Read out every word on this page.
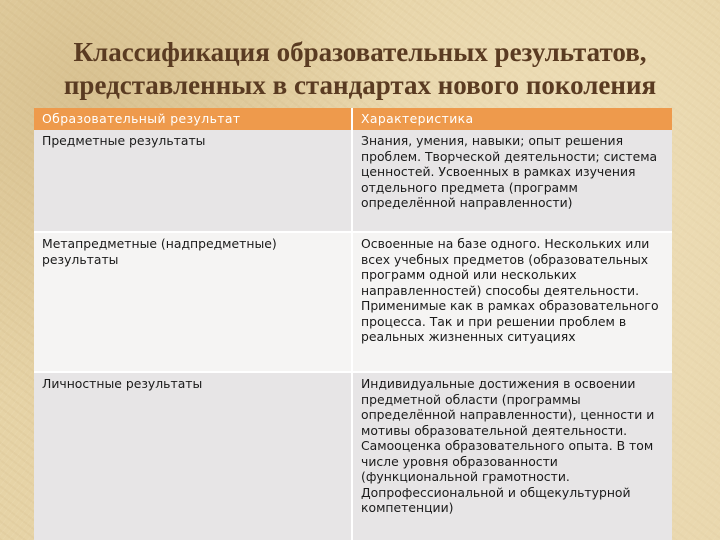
Классификация образовательных результатов,
представленных в стандартах нового поколения
Образовательный результат	Характеристика

Предметные результаты	Знания, умения, навыки; опыт решения проблем. Творческой деятельности; система ценностей. Усвоенных в рамках изучения отдельного предмета (программ определённой направленности)

Метапредметные (надпредметные) результаты	Освоенные на базе одного. Нескольких или всех учебных предметов (образовательных программ одной или нескольких направленностей) способы деятельности. Применимые как в рамках образовательного процесса. Так и при решении проблем в реальных жизненных ситуациях

Личностные результаты	Индивидуальные достижения в освоении предметной области (программы определённой направленности), ценности и мотивы образовательной деятельности. Самооценка образовательного опыта. В том числе уровня образованности (функциональной грамотности. Допрофессиональной и общекультурной компетенции)
